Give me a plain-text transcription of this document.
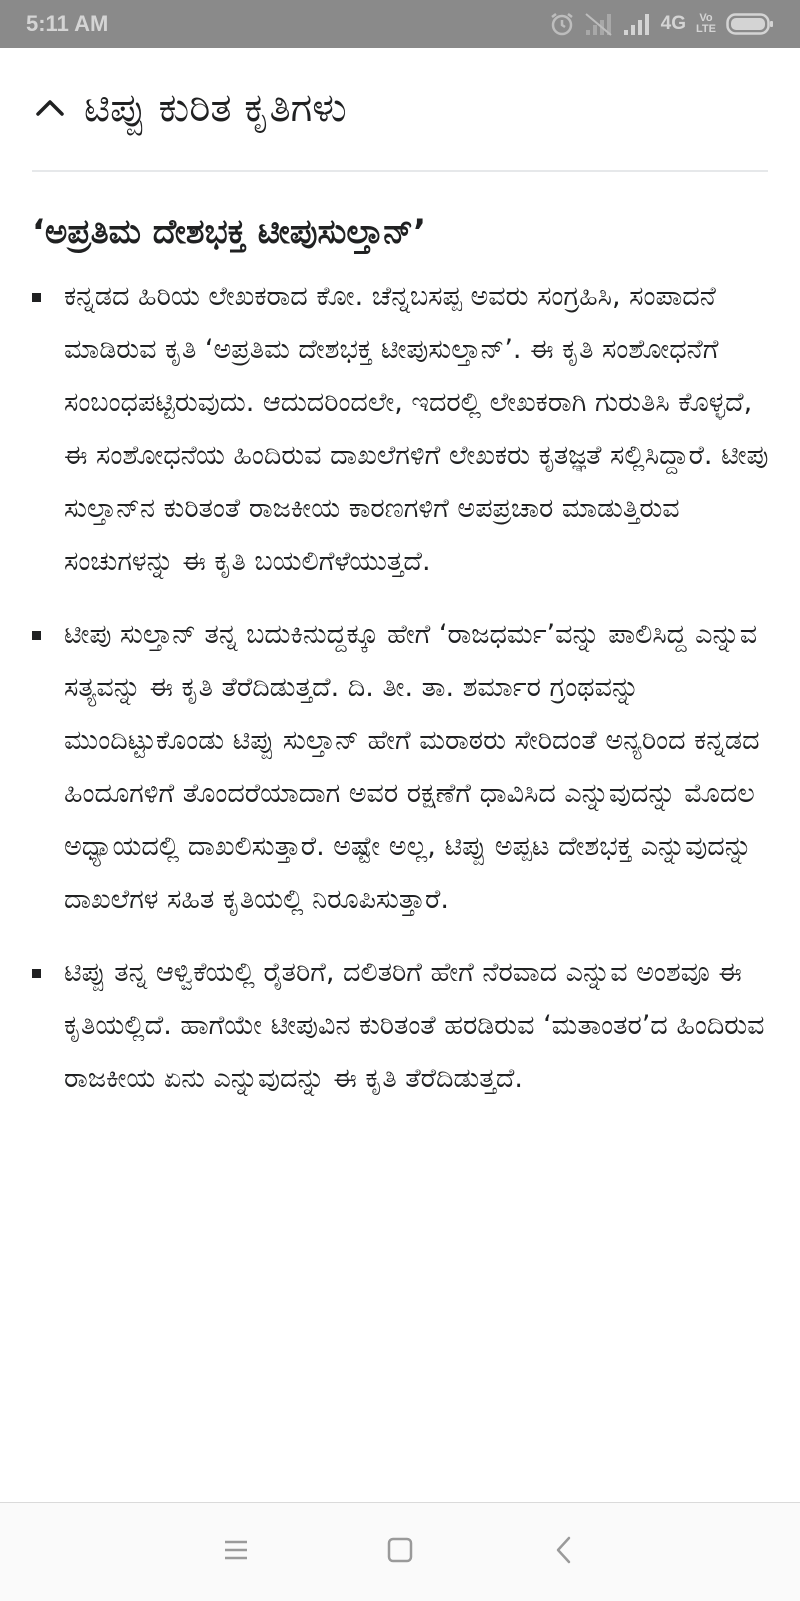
5:11 AM	4G	Vo
LTE
ಟಿಪ್ಪು ಕುರಿತ ಕೃತಿಗಳು
‘ಅಪ್ರತಿಮ ದೇಶಭಕ್ತ ಟೀಪುಸುಲ್ತಾನ್’
ಕನ್ನಡದ ಹಿರಿಯ ಲೇಖಕರಾದ ಕೋ. ಚೆನ್ನಬಸಪ್ಪ ಅವರು ಸಂಗ್ರಹಿಸಿ, ಸಂಪಾದನೆ ಮಾಡಿರುವ ಕೃತಿ ‘ಅಪ್ರತಿಮ ದೇಶಭಕ್ತ ಟೀಪುಸುಲ್ತಾನ್’. ಈ ಕೃತಿ ಸಂಶೋಧನೆಗೆ ಸಂಬಂಧಪಟ್ಟಿರುವುದು. ಆದುದರಿಂದಲೇ, ಇದರಲ್ಲಿ ಲೇಖಕರಾಗಿ ಗುರುತಿಸಿ ಕೊಳ್ಳದೆ, ಈ ಸಂಶೋಧನೆಯ ಹಿಂದಿರುವ ದಾಖಲೆಗಳಿಗೆ ಲೇಖಕರು ಕೃತಜ್ಞತೆ ಸಲ್ಲಿಸಿದ್ದಾರೆ. ಟೀಪು ಸುಲ್ತಾನ್‌ನ ಕುರಿತಂತೆ ರಾಜಕೀಯ ಕಾರಣಗಳಿಗೆ ಅಪಪ್ರಚಾರ ಮಾಡುತ್ತಿರುವ ಸಂಚುಗಳನ್ನು ಈ ಕೃತಿ ಬಯಲಿಗೆಳೆಯುತ್ತದೆ.
ಟೀಪು ಸುಲ್ತಾನ್ ತನ್ನ ಬದುಕಿನುದ್ದಕ್ಕೂ ಹೇಗೆ ‘ರಾಜಧರ್ಮ’ವನ್ನು ಪಾಲಿಸಿದ್ದ ಎನ್ನುವ ಸತ್ಯವನ್ನು ಈ ಕೃತಿ ತೆರೆದಿಡುತ್ತದೆ. ದಿ. ತೀ. ತಾ. ಶರ್ಮಾರ ಗ್ರಂಥವನ್ನು ಮುಂದಿಟ್ಟುಕೊಂಡು ಟಿಪ್ಪು ಸುಲ್ತಾನ್ ಹೇಗೆ ಮರಾಠರು ಸೇರಿದಂತೆ ಅನ್ಯರಿಂದ ಕನ್ನಡದ ಹಿಂದೂಗಳಿಗೆ ತೊಂದರೆಯಾದಾಗ ಅವರ ರಕ್ಷಣೆಗೆ ಧಾವಿಸಿದ ಎನ್ನುವುದನ್ನು ಮೊದಲ ಅಧ್ಯಾಯದಲ್ಲಿ ದಾಖಲಿಸುತ್ತಾರೆ. ಅಷ್ಟೇ ಅಲ್ಲ, ಟಿಪ್ಪು ಅಪ್ಪಟ ದೇಶಭಕ್ತ ಎನ್ನುವುದನ್ನು ದಾಖಲೆಗಳ ಸಹಿತ ಕೃತಿಯಲ್ಲಿ ನಿರೂಪಿಸುತ್ತಾರೆ.
ಟಿಪ್ಪು ತನ್ನ ಆಳ್ವಿಕೆಯಲ್ಲಿ ರೈತರಿಗೆ, ದಲಿತರಿಗೆ ಹೇಗೆ ನೆರವಾದ ಎನ್ನುವ ಅಂಶವೂ ಈ ಕೃತಿಯಲ್ಲಿದೆ. ಹಾಗೆಯೇ ಟೀಪುವಿನ ಕುರಿತಂತೆ ಹರಡಿರುವ ‘ಮತಾಂತರ’ದ ಹಿಂದಿರುವ ರಾಜಕೀಯ ಏನು ಎನ್ನುವುದನ್ನು ಈ ಕೃತಿ ತೆರೆದಿಡುತ್ತದೆ.
